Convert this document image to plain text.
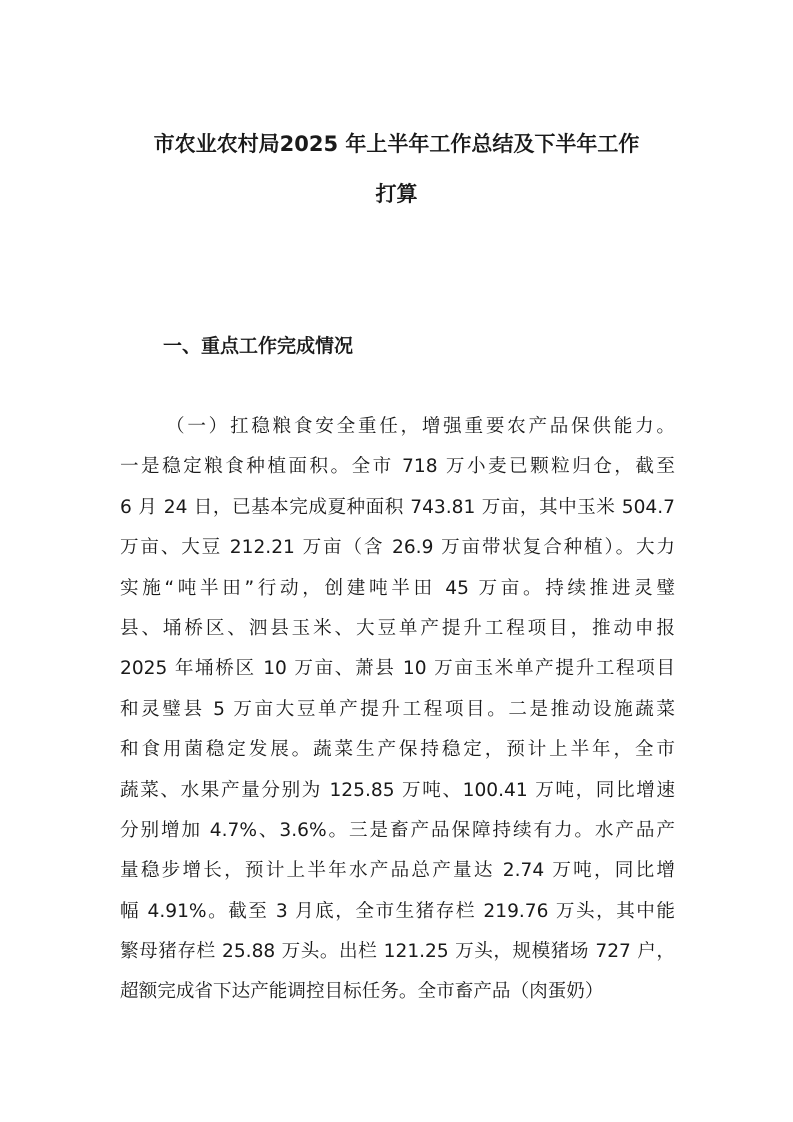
市农业农村局2025 年上半年工作总结及下半年工作
打算
一、重点工作完成情况
（一）扛稳粮食安全重任，增强重要农产品保供能力。
一是稳定粮食种植面积。全市 718 万小麦已颗粒归仓，截至
6 月 24 日，已基本完成夏种面积 743.81 万亩，其中玉米 504.7
万亩、大豆 212.21 万亩（含 26.9 万亩带状复合种植）。大力
实施“吨半田”行动，创建吨半田 45 万亩。持续推进灵璧
县、埇桥区、泗县玉米、大豆单产提升工程项目，推动申报
2025 年埇桥区 10 万亩、萧县 10 万亩玉米单产提升工程项目
和灵璧县 5 万亩大豆单产提升工程项目。二是推动设施蔬菜
和食用菌稳定发展。蔬菜生产保持稳定，预计上半年，全市
蔬菜、水果产量分别为 125.85 万吨、100.41 万吨，同比增速
分别增加 4.7%、3.6%。三是畜产品保障持续有力。水产品产
量稳步增长，预计上半年水产品总产量达 2.74 万吨，同比增
幅 4.91%。截至 3 月底，全市生猪存栏 219.76 万头，其中能
繁母猪存栏 25.88 万头。出栏 121.25 万头，规模猪场 727 户，
超额完成省下达产能调控目标任务。全市畜产品（肉蛋奶）
